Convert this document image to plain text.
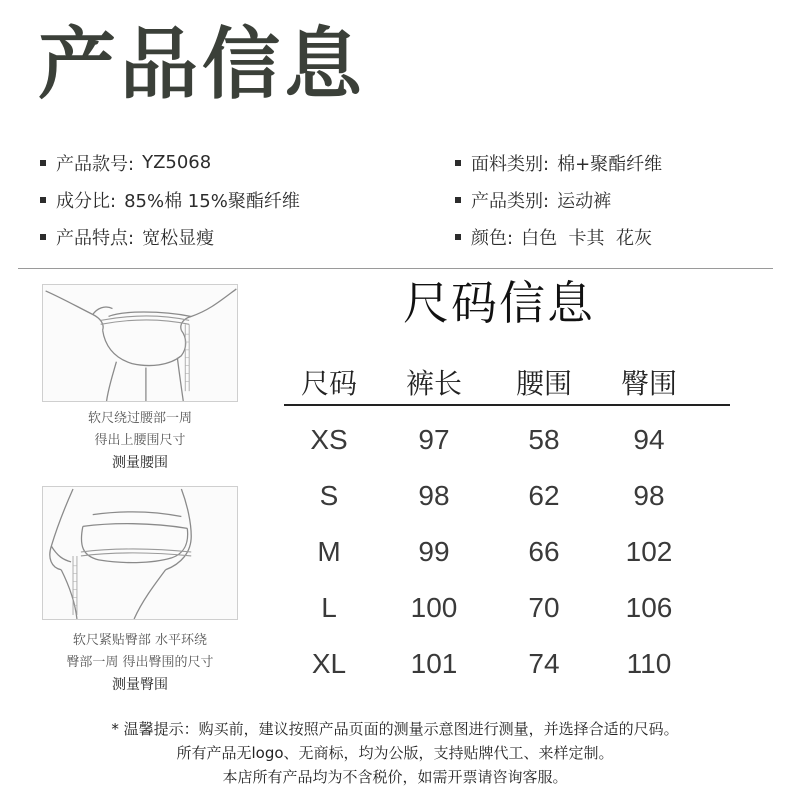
产品信息
产品款号: YZ5068
成分比: 85%棉 15%聚酯纤维
产品特点: 宽松显瘦
面料类别: 棉+聚酯纤维
产品类别: 运动裤
颜色: 白色  卡其  花灰
软尺绕过腰部一周
得出上腰围尺寸
测量腰围
软尺紧贴臀部 水平环绕
臀部一周 得出臀围的尺寸
测量臀围
尺码信息
尺码	裤长	腰围	臀围
XS	97	58	94
S	98	62	98
M	99	66	102
L	100	70	106
XL	101	74	110
* 温馨提示：购买前，建议按照产品页面的测量示意图进行测量，并选择合适的尺码。
所有产品无logo、无商标，均为公版，支持贴牌代工、来样定制。
本店所有产品均为不含税价，如需开票请咨询客服。
